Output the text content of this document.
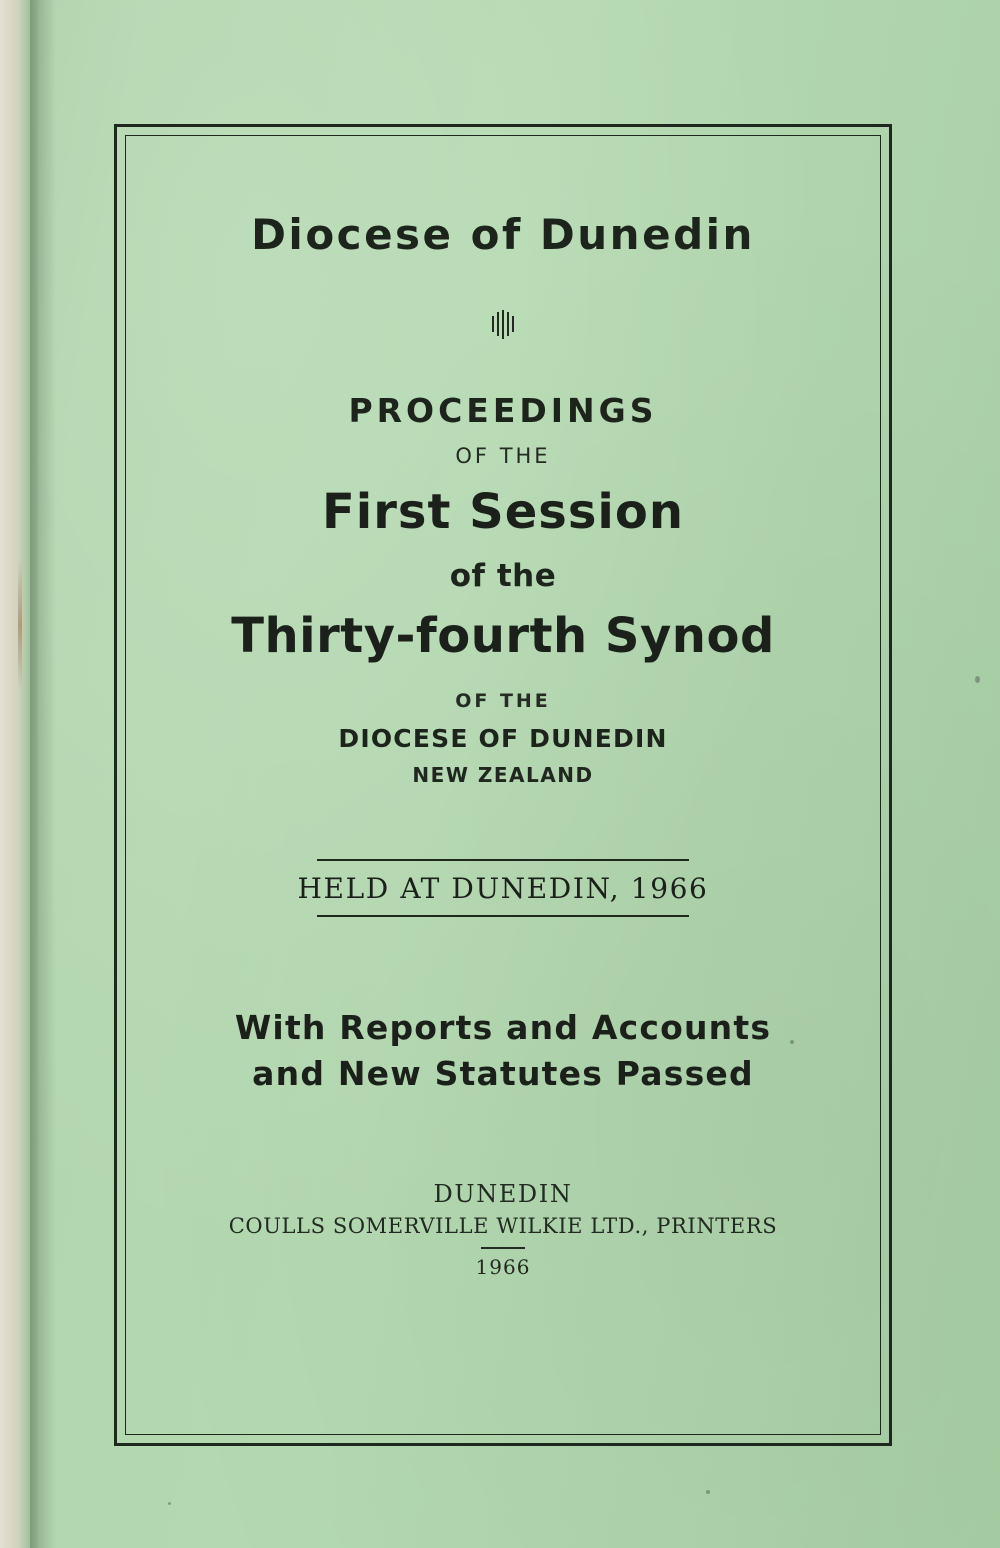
Diocese of Dunedin
PROCEEDINGS
OF THE
First Session
of the
Thirty-fourth Synod
OF THE
DIOCESE OF DUNEDIN
NEW ZEALAND
HELD AT DUNEDIN, 1966
With Reports and Accounts
and New Statutes Passed
DUNEDIN
COULLS SOMERVILLE WILKIE LTD., PRINTERS
1966
